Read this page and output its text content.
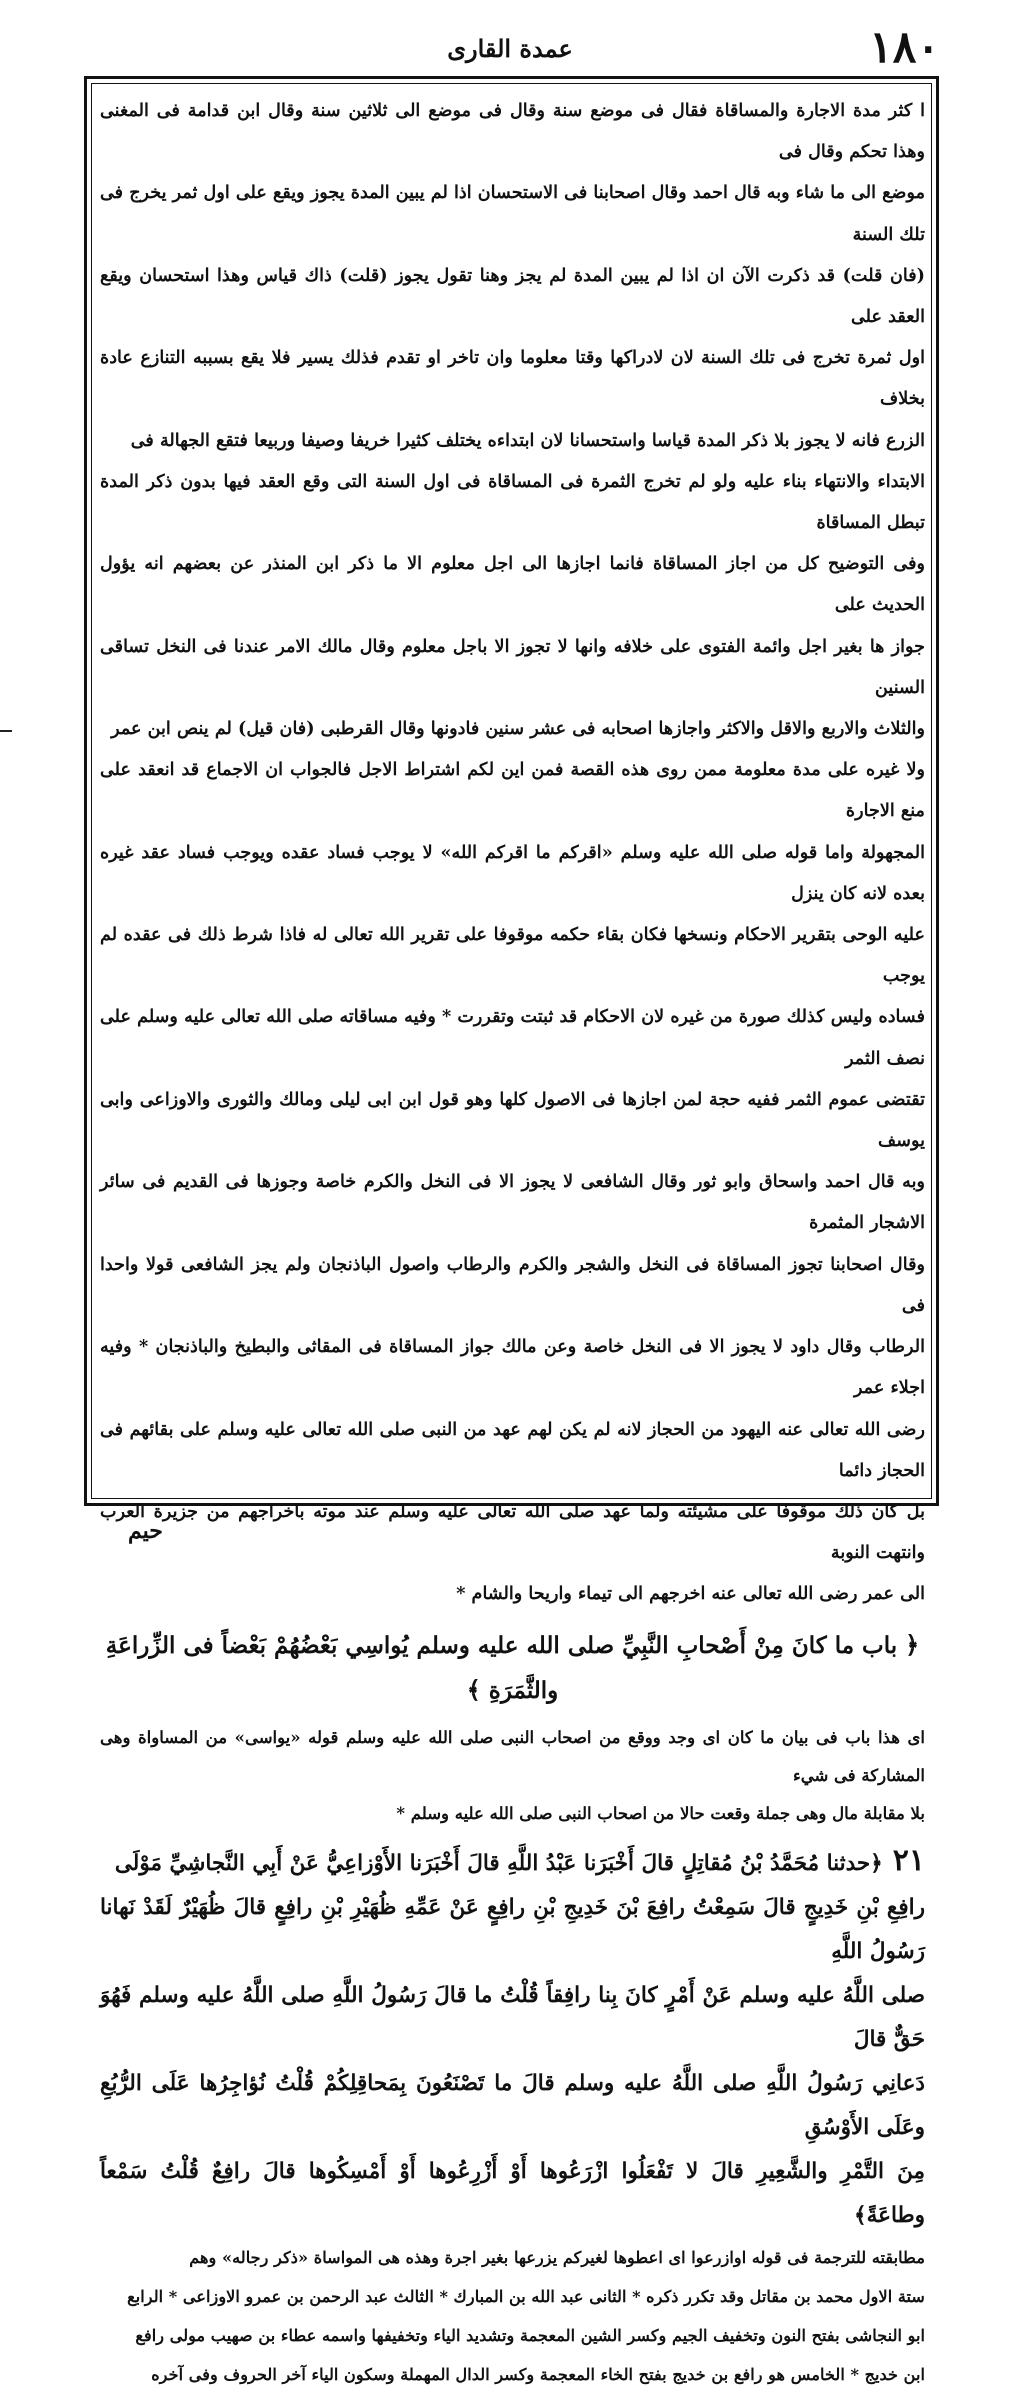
١٨٠
عمدة القارى

ا كثر مدة الاجارة والمساقاة فقال فى موضع سنة وقال فى موضع الى ثلاثين سنة وقال ابن قدامة فى المغنى وهذا تحكم وقال فى

موضع الى ما شاء وبه قال احمد وقال اصحابنا فى الاستحسان اذا لم يبين المدة يجوز ويقع على اول ثمر يخرج فى تلك السنة

(فان قلت) قد ذكرت الآن ان اذا لم يبين المدة لم يجز وهنا تقول يجوز (قلت) ذاك قياس وهذا استحسان ويقع العقد على

اول ثمرة تخرج فى تلك السنة لان لادراكها وقتا معلوما وان تاخر او تقدم فذلك يسير فلا يقع بسببه التنازع عادة بخلاف

الزرع فانه لا يجوز بلا ذكر المدة قياسا واستحسانا لان ابتداءه يختلف كثيرا خريفا وصيفا وربيعا فتقع الجهالة فى

الابتداء والانتهاء بناء عليه ولو لم تخرج الثمرة فى المساقاة فى اول السنة التى وقع العقد فيها بدون ذكر المدة تبطل المساقاة

وفى التوضيح كل من اجاز المساقاة فانما اجازها الى اجل معلوم الا ما ذكر ابن المنذر عن بعضهم انه يؤول الحديث على

جواز ها بغير اجل وائمة الفتوى على خلافه وانها لا تجوز الا باجل معلوم وقال مالك الامر عندنا فى النخل تساقى السنين

والثلاث والاربع والاقل والاكثر واجازها اصحابه فى عشر سنين فادونها وقال القرطبى (فان قيل) لم ينص ابن عمر

ولا غيره على مدة معلومة ممن روى هذه القصة فمن اين لكم اشتراط الاجل فالجواب ان الاجماع قد انعقد على منع الاجارة

المجهولة واما قوله صلى الله عليه وسلم «اقركم ما اقركم الله» لا يوجب فساد عقده ويوجب فساد عقد غيره بعده لانه كان ينزل

عليه الوحى بتقرير الاحكام ونسخها فكان بقاء حكمه موقوفا على تقرير الله تعالى له فاذا شرط ذلك فى عقده لم يوجب

فساده وليس كذلك صورة من غيره لان الاحكام قد ثبتت وتقررت * وفيه مساقاته صلى الله تعالى عليه وسلم على نصف الثمر

تقتضى عموم الثمر ففيه حجة لمن اجازها فى الاصول كلها وهو قول ابن ابى ليلى ومالك والثورى والاوزاعى وابى يوسف

وبه قال احمد واسحاق وابو ثور وقال الشافعى لا يجوز الا فى النخل والكرم خاصة وجوزها فى القديم فى سائر الاشجار المثمرة

وقال اصحابنا تجوز المساقاة فى النخل والشجر والكرم والرطاب واصول الباذنجان ولم يجز الشافعى قولا واحدا فى

الرطاب وقال داود لا يجوز الا فى النخل خاصة وعن مالك جواز المساقاة فى المقاثى والبطيخ والباذنجان * وفيه اجلاء عمر

رضى الله تعالى عنه اليهود من الحجاز لانه لم يكن لهم عهد من النبى صلى الله تعالى عليه وسلم على بقائهم فى الحجاز دائما

بل كان ذلك موقوفا على مشيئته ولما عهد صلى الله تعالى عليه وسلم عند موته باخراجهم من جزيرة العرب وانتهت النوبة

الى عمر رضى الله تعالى عنه اخرجهم الى تيماء واريحا والشام *

﴿ باب ما كانَ مِنْ أَصْحابِ النَّبِيِّ صلى الله عليه وسلم يُواسِي بَعْضُهُمْ بَعْضاً فى الزِّراعَةِ والثَّمَرَةِ ﴾

اى هذا باب فى بيان ما كان اى وجد ووقع من اصحاب النبى صلى الله عليه وسلم قوله «يواسى» من المساواة وهى المشاركة فى شيء

بلا مقابلة مال وهى جملة وقعت حالا من اصحاب النبى صلى الله عليه وسلم *

٢١﴿حدثنا مُحَمَّدُ بْنُ مُقاتِلٍ قالَ أَخْبَرَنا عَبْدُ اللَّهِ قالَ أَخْبَرَنا الأَوْزاعِيُّ عَنْ أَبِي النَّجاشِيِّ مَوْلَى

رافِعِ بْنِ خَدِيجٍ قالَ سَمِعْتُ رافِعَ بْنَ خَدِيجِ بْنِ رافِعٍ عَنْ عَمِّهِ ظُهَيْرِ بْنِ رافِعٍ قالَ ظُهَيْرٌ لَقَدْ نَهانا رَسُولُ اللَّهِ

صلى اللَّهُ عليه وسلم عَنْ أَمْرٍ كانَ بِنا رافِقاً قُلْتُ ما قالَ رَسُولُ اللَّهِ صلى اللَّهُ عليه وسلم فَهُوَ حَقٌّ قالَ

دَعانِي رَسُولُ اللَّهِ صلى اللَّهُ عليه وسلم قالَ ما تَصْنَعُونَ بِمَحاقِلِكُمْ قُلْتُ نُؤاجِرُها عَلَى الرُّبُعِ وعَلَى الأَوْسُقِ

مِنَ التَّمْرِ والشَّعِيرِ قالَ لا تَفْعَلُوا ازْرَعُوها أَوْ أَزْرِعُوها أَوْ أَمْسِكُوها قالَ رافِعٌ قُلْتُ سَمْعاً وطاعَةً﴾

مطابقته للترجمة فى قوله اوازرعوا اى اعطوها لغيركم يزرعها بغير اجرة وهذه هى المواساة «ذكر رجاله» وهم

ستة الاول محمد بن مقاتل وقد تكرر ذكره * الثانى عبد الله بن المبارك * الثالث عبد الرحمن بن عمرو الاوزاعى * الرابع

ابو النجاشى بفتح النون وتخفيف الجيم وكسر الشين المعجمة وتشديد الياء وتخفيفها واسمه عطاء بن صهيب مولى رافع

ابن خديج * الخامس هو رافع بن خديج بفتح الخاء المعجمة وكسر الدال المهملة وسكون الياء آخر الحروف وفى آخره

حيم
